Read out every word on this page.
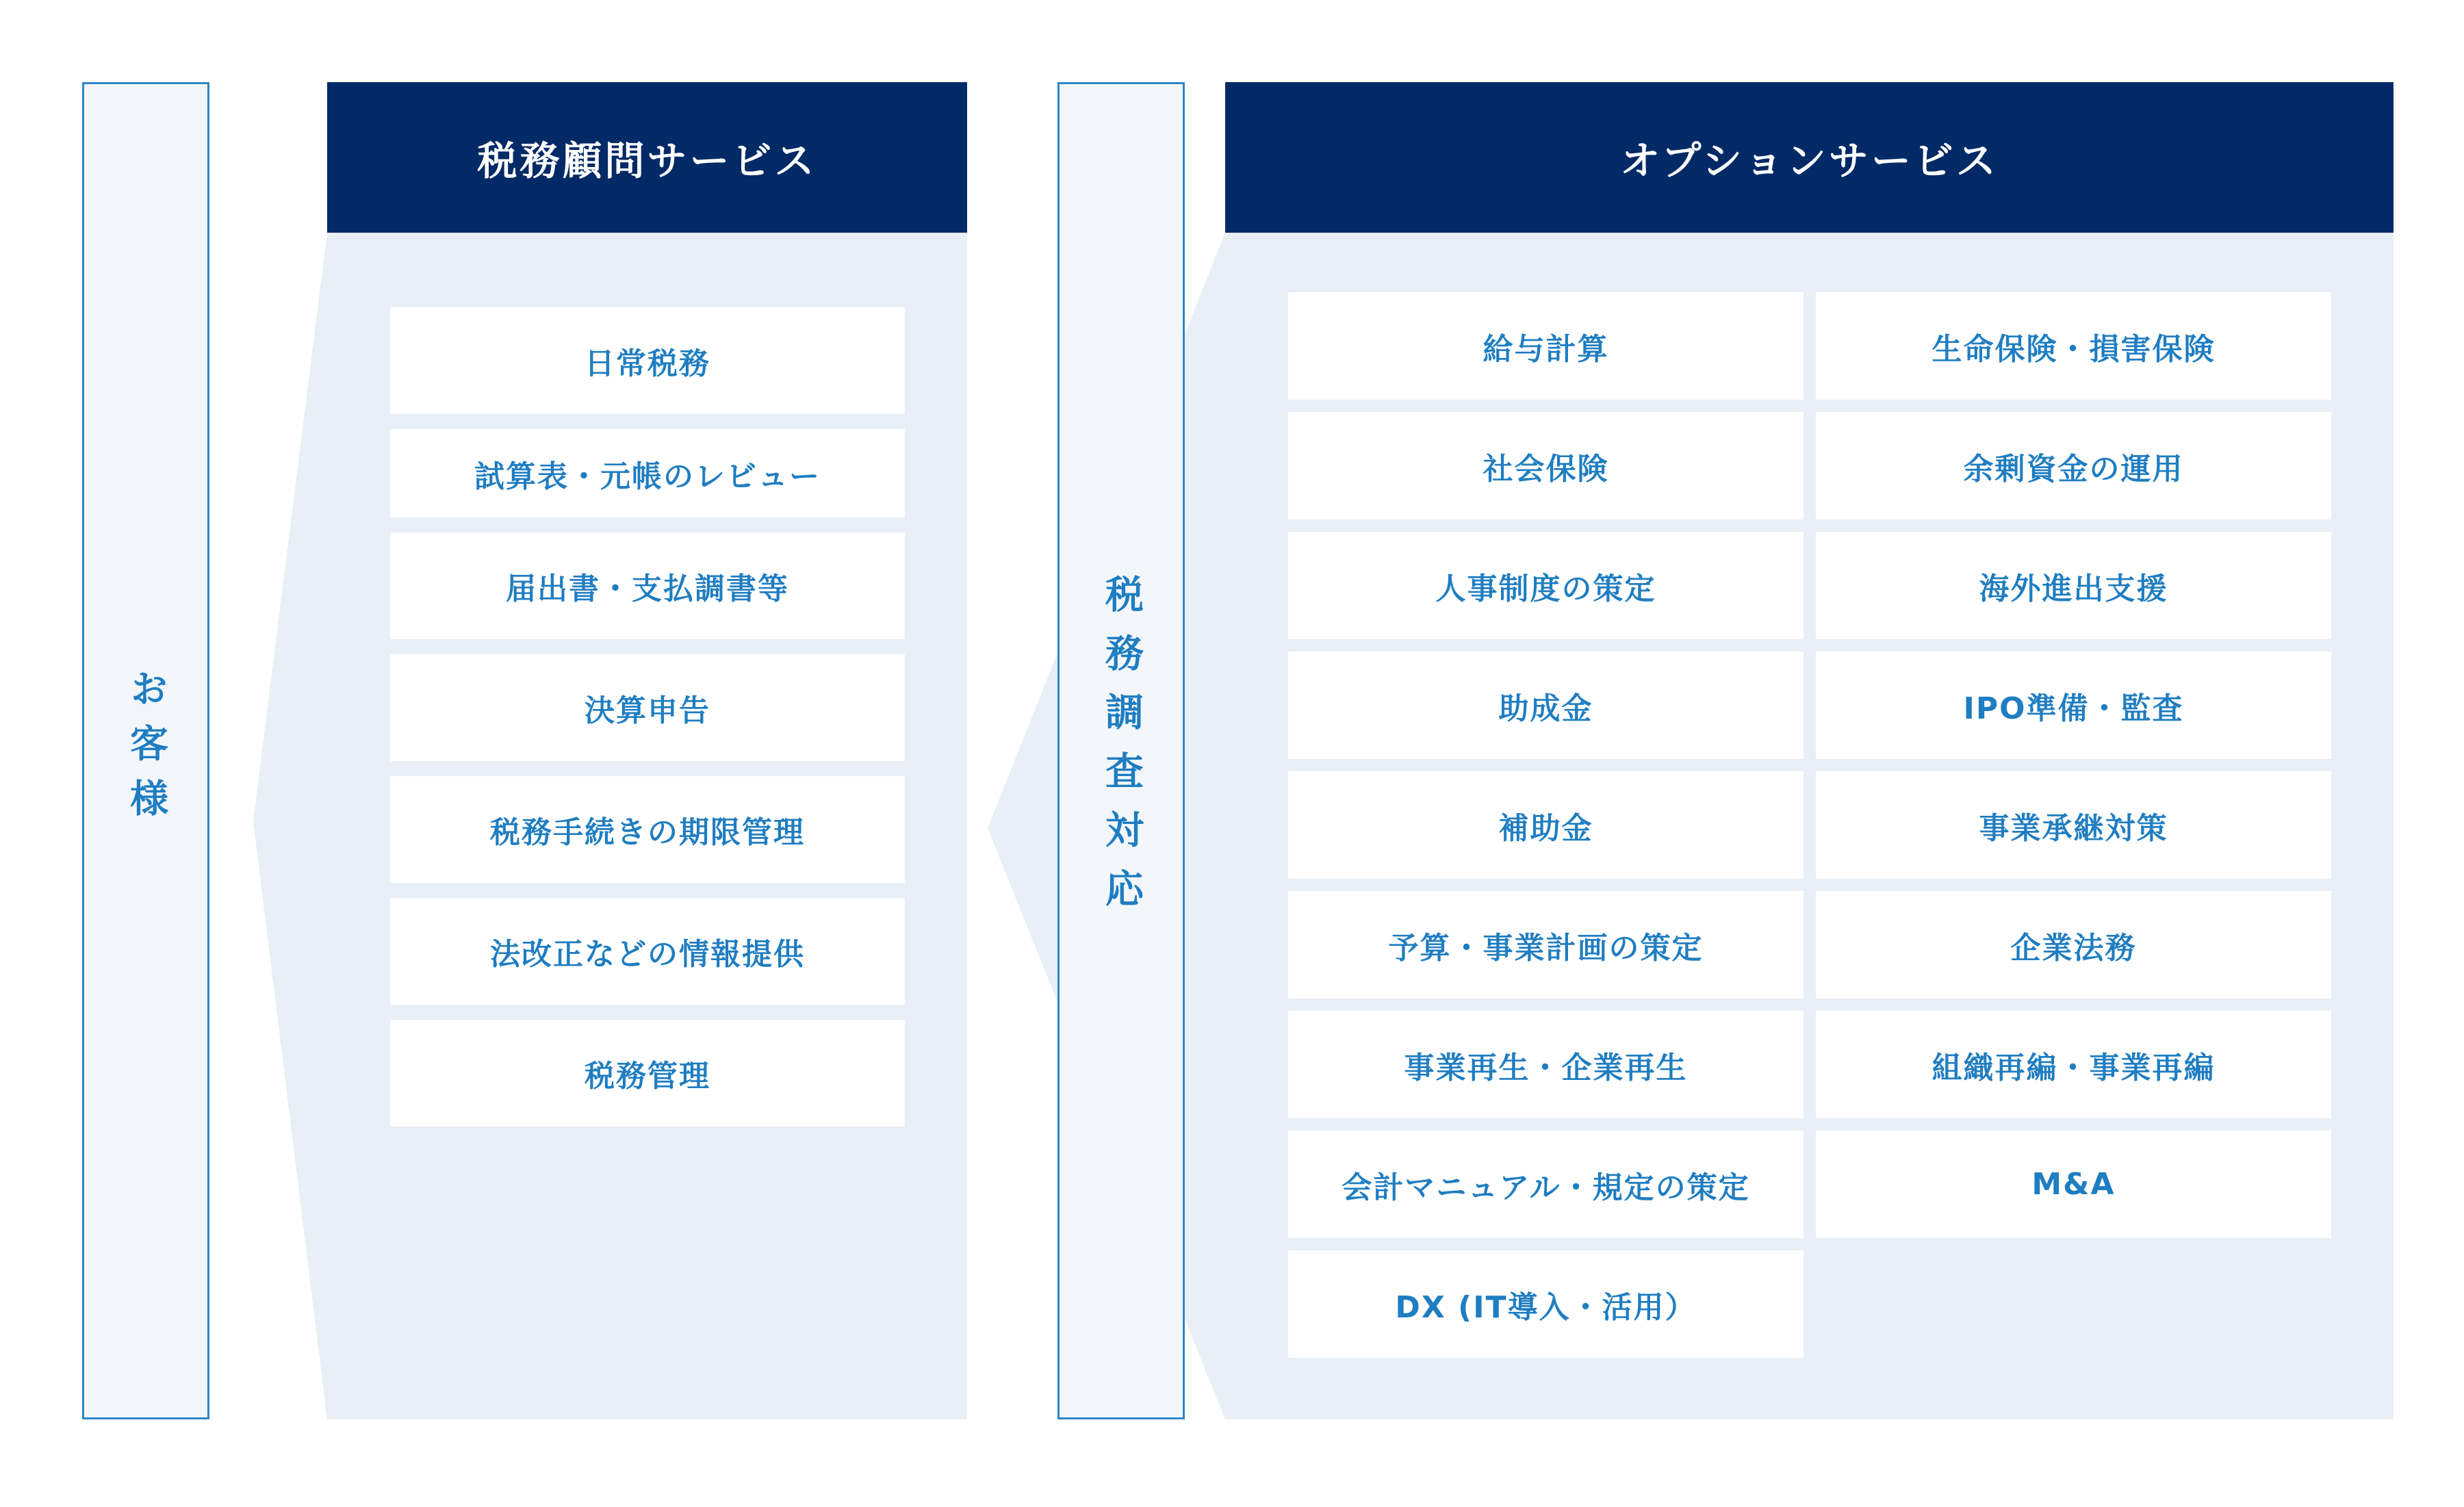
お客様
税務顧問サービス
日常税務
試算表・元帳のレビュー
届出書・支払調書等
決算申告
税務手続きの期限管理
法改正などの情報提供
税務管理
税務調査対応
オプションサービス
給与計算
社会保険
人事制度の策定
助成金
補助金
予算・事業計画の策定
事業再生・企業再生
会計マニュアル・規定の策定
DX (IT導入・活用）
生命保険・損害保険
余剰資金の運用
海外進出支援
IPO準備・監査
事業承継対策
企業法務
組織再編・事業再編
M&A
